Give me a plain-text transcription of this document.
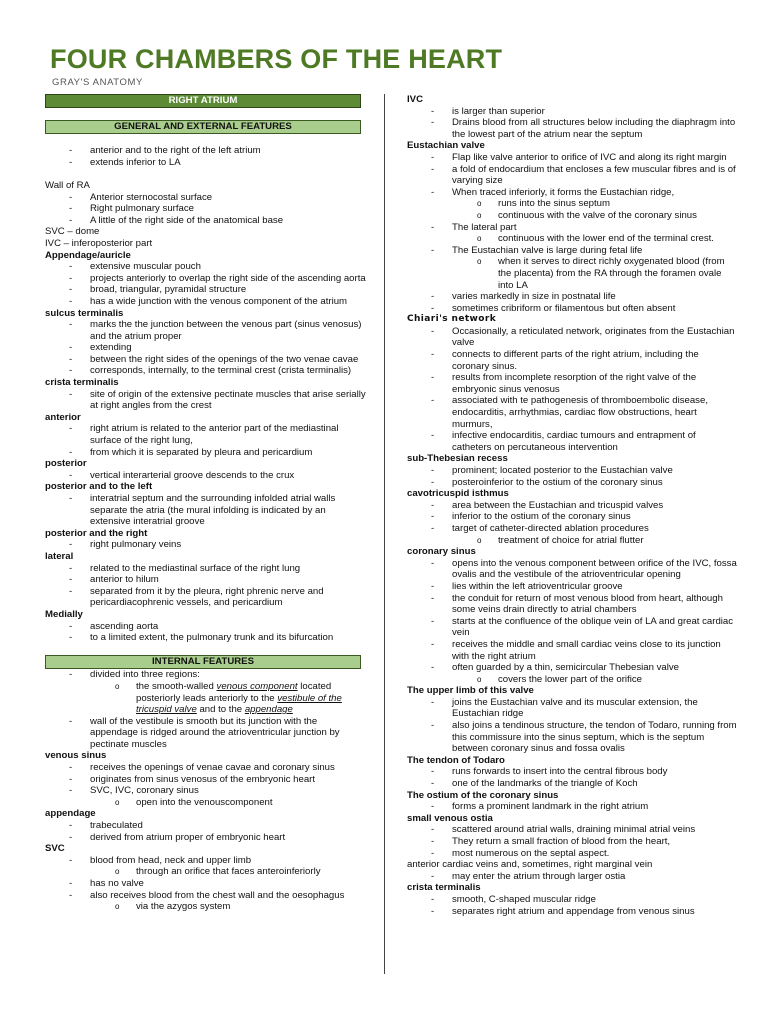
FOUR CHAMBERS OF THE HEART
GRAY'S ANATOMY
RIGHT ATRIUM
GENERAL AND EXTERNAL FEATURES
- anterior and to the right of the left atrium
- extends inferior to LA
Wall of RA
- Anterior sternocostal surface
- Right pulmonary surface
- A little of the right side of the anatomical base
SVC – dome
IVC – inferoposterior part
Appendage/auricle
- extensive muscular pouch
- projects anteriorly to overlap the right side of the ascending aorta
- broad, triangular, pyramidal structure
- has a wide junction with the venous component of the atrium
sulcus terminalis
- marks the the junction between the venous part (sinus venosus) and the atrium proper
- extending
- between the right sides of the openings of the two venae cavae
- corresponds, internally, to the terminal crest (crista terminalis)
crista terminalis
- site of origin of the extensive pectinate muscles that arise serially at right angles from the crest
anterior
- right atrium is related to the anterior part of the mediastinal surface of the right lung,
- from which it is separated by pleura and pericardium
posterior
- vertical interarterial groove descends to the crux
posterior and to the left
- interatrial septum and the surrounding infolded atrial walls separate the atria (the mural infolding is indicated by an extensive interatrial groove
posterior and the right
- right pulmonary veins
lateral
- related to the mediastinal surface of the right lung
- anterior to hilum
- separated from it by the pleura, right phrenic nerve and pericardiacophrenic vessels, and pericardium
Medially
- ascending aorta
- to a limited extent, the pulmonary trunk and its bifurcation
INTERNAL FEATURES
- divided into three regions:
o the smooth-walled venous component located posteriorly leads anteriorly to the vestibule of the tricuspid valve and to the appendage
- wall of the vestibule is smooth but its junction with the appendage is ridged around the atrioventricular junction by pectinate muscles
venous sinus
- receives the openings of venae cavae and coronary sinus
- originates from sinus venosus of the embryonic heart
- SVC, IVC, coronary sinus
o open into the venouscomponent
appendage
- trabeculated
- derived from atrium proper of embryonic heart
SVC
- blood from head, neck and upper limb
o through an orifice that faces anteroinferiorly
- has no valve
- also receives blood from the chest wall and the oesophagus
o via the azygos system
IVC
- is larger than superior
- Drains blood from all structures below including the diaphragm into the lowest part of the atrium near the septum
Eustachian valve
- Flap like valve anterior to orifice of IVC and along its right margin
- a fold of endocardium that encloses a few muscular fibres and is of varying size
- When traced inferiorly, it forms the Eustachian ridge,
o runs into the sinus septum
o continuous with the valve of the coronary sinus
- The lateral part
o continuous with the lower end of the terminal crest.
- The Eustachian valve is large during fetal life
o when it serves to direct richly oxygenated blood (from the placenta) from the RA through the foramen ovale into LA
- varies markedly in size in postnatal life
- sometimes cribriform or filamentous but often absent
Chiari's network
- Occasionally, a reticulated network, originates from the Eustachian valve
- connects to different parts of the right atrium, including the coronary sinus.
- results from incomplete resorption of the right valve of the embryonic sinus venosus
- associated with te pathogenesis of thromboembolic disease, endocarditis, arrhythmias, cardiac flow obstructions, heart murmurs,
- infective endocarditis, cardiac tumours and entrapment of catheters on percutaneous intervention
sub-Thebesian recess
- prominent; located posterior to the Eustachian valve
- posteroinferior to the ostium of the coronary sinus
cavotricuspid isthmus
- area between the Eustachian and tricuspid valves
- inferior to the ostium of the coronary sinus
- target of catheter-directed ablation procedures
o treatment of choice for atrial flutter
coronary sinus
- opens into the venous component between orifice of the IVC, fossa ovalis and the vestibule of the atrioventricular opening
- lies within the left atrioventricular groove
- the conduit for return of most venous blood from heart, although some veins drain directly to atrial chambers
- starts at the confluence of the oblique vein of LA and great cardiac vein
- receives the middle and small cardiac veins close to its junction with the right atrium
- often guarded by a thin, semicircular Thebesian valve
o covers the lower part of the orifice
The upper limb of this valve
- joins the Eustachian valve and its muscular extension, the Eustachian ridge
- also joins a tendinous structure, the tendon of Todaro, running from this commissure into the sinus septum, which is the septum between coronary sinus and fossa ovalis
The tendon of Todaro
- runs forwards to insert into the central fibrous body
- one of the landmarks of the triangle of Koch
The ostium of the coronary sinus
- forms a prominent landmark in the right atrium
small venous ostia
- scattered around atrial walls, draining minimal atrial veins
- They return a small fraction of blood from the heart,
- most numerous on the septal aspect.
anterior cardiac veins and, sometimes, right marginal vein
- may enter the atrium through larger ostia
crista terminalis
- smooth, C-shaped muscular ridge
- separates right atrium and appendage from venous sinus
